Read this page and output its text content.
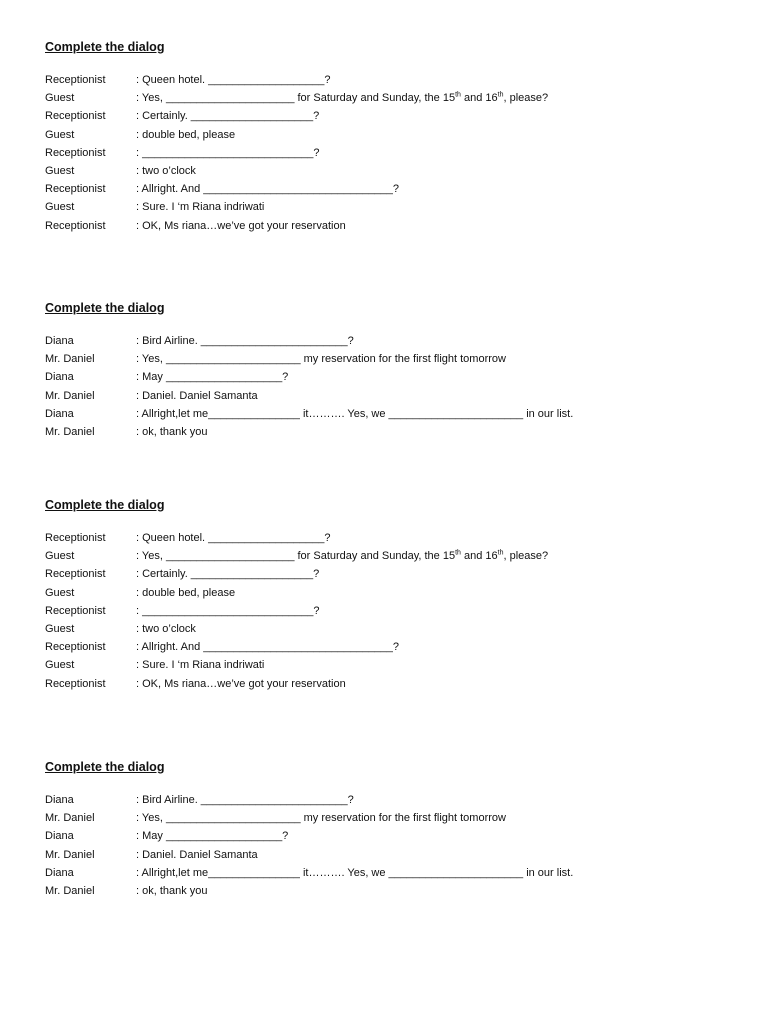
Complete the dialog
Receptionist	: Queen hotel. ___________________?
Guest	: Yes, _____________________ for Saturday and Sunday, the 15th and 16th, please?
Receptionist	: Certainly. ____________________?
Guest	: double bed, please
Receptionist	: ____________________________?
Guest	: two o’clock
Receptionist	: Allright. And _______________________________?
Guest	: Sure. I ‘m Riana indriwati
Receptionist	: OK, Ms riana…we’ve got your reservation
Complete the dialog
Diana	: Bird Airline. ________________________?
Mr. Daniel	: Yes, ______________________ my reservation for the first flight tomorrow
Diana	: May ___________________?
Mr. Daniel	: Daniel. Daniel Samanta
Diana	: Allright,let me_______________ it………. Yes, we ______________________ in our list.
Mr. Daniel	: ok, thank you
Complete the dialog
Receptionist	: Queen hotel. ___________________?
Guest	: Yes, _____________________ for Saturday and Sunday, the 15th and 16th, please?
Receptionist	: Certainly. ____________________?
Guest	: double bed, please
Receptionist	: ____________________________?
Guest	: two o’clock
Receptionist	: Allright. And _______________________________?
Guest	: Sure. I ‘m Riana indriwati
Receptionist	: OK, Ms riana…we’ve got your reservation
Complete the dialog
Diana	: Bird Airline. ________________________?
Mr. Daniel	: Yes, ______________________ my reservation for the first flight tomorrow
Diana	: May ___________________?
Mr. Daniel	: Daniel. Daniel Samanta
Diana	: Allright,let me_______________ it………. Yes, we ______________________ in our list.
Mr. Daniel	: ok, thank you
